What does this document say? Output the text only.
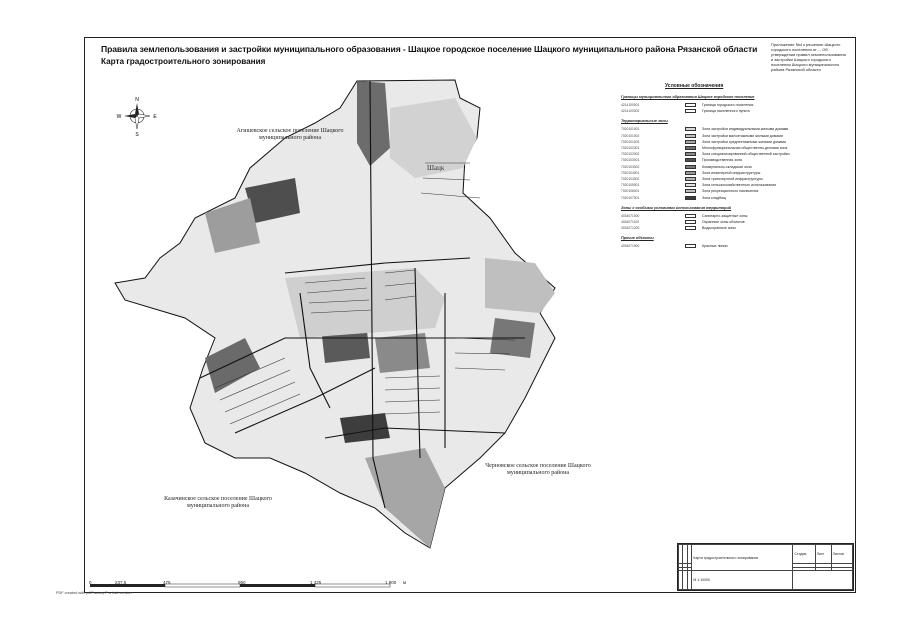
Правила землепользования и застройки муниципального образования - Шацкое городское поселение Шацкого муниципального района Рязанской области
Карта градостроительного зонирования
Приложение №4 к решению Шацкого городского поселения от ... Об утверждении правил землепользования и застройки Шацкого городского поселения Шацкого муниципального района Рязанской области
N
S
W	E
Агишевское сельское поселение Шацкого муниципального района
Шацк
Черновское сельское поселение Шацкого муниципального района
Казачинское сельское поселение Шацкого муниципального района
0	237,5	475	950	1 425	1 900 м
Условные обозначения
Границы муниципального образования Шацкое городское поселение
4214100001	Граница городского поселения
4214100002	Граница населенного пункта
Территориальные зоны
7020101001	Зона застройки индивидуальными жилыми домами
7020101002	Зона застройки малоэтажными жилыми домами
7020101003	Зона застройки среднеэтажными жилыми домами
7020102001	Многофункциональная общественно-деловая зона
7020102002	Зона специализированной общественной застройки
7020103001	Производственная зона
7020103002	Коммунально-складская зона
7020104001	Зона инженерной инфраструктуры
7020104002	Зона транспортной инфраструктуры
7020105001	Зона сельскохозяйственного использования
7020106001	Зона рекреационного назначения
7020107001	Зона кладбищ
Зоны с особыми условиями использования территорий
4034071000	Санитарно-защитные зоны
4034071100	Охранные зоны объектов
4034071200	Водоохранные зоны
Прочие объекты
4034071900	Красные линии
			Карта градостроительного зонирования	Стадия	Лист	Листов

			М 1:10000			
PDF created with pdfFactory Pro trial version
